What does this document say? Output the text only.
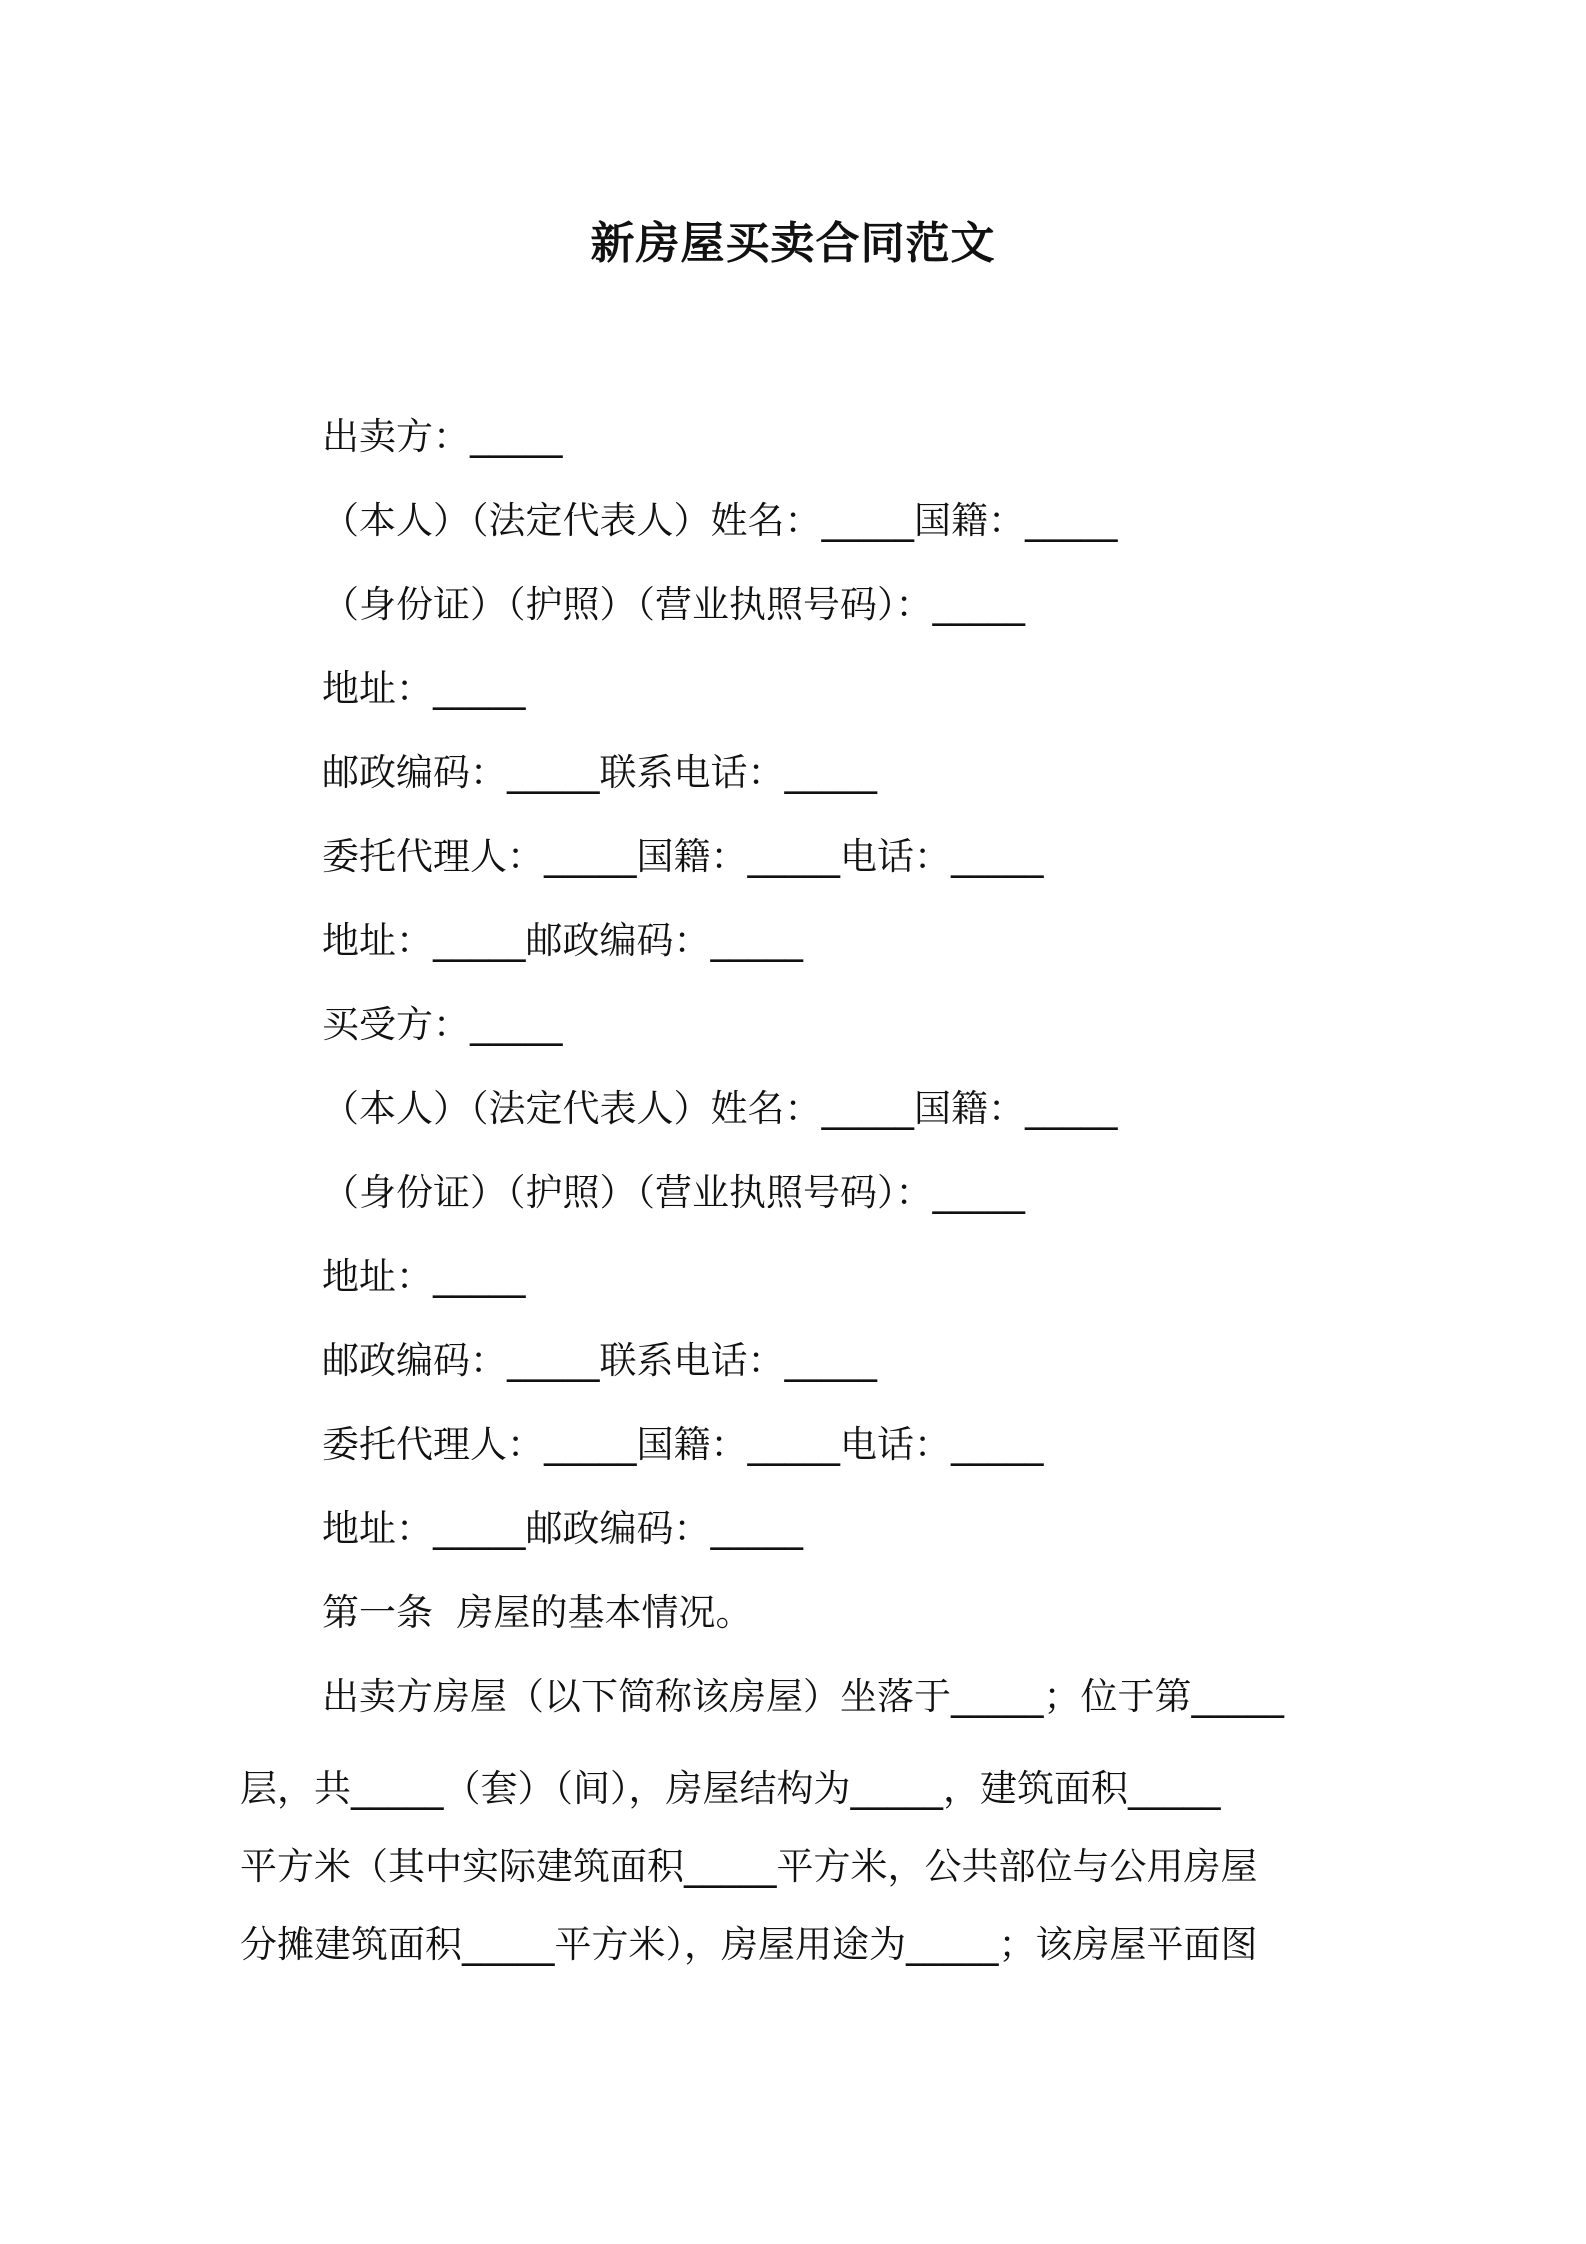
新房屋买卖合同范文
出卖方：_____
（本人）（法定代表人）姓名：_____国籍：_____
（身份证）（护照）（营业执照号码）：_____
地址：_____
邮政编码：_____联系电话：_____
委托代理人：_____国籍：_____电话：_____
地址：_____邮政编码：_____
买受方：_____
（本人）（法定代表人）姓名：_____国籍：_____
（身份证）（护照）（营业执照号码）：_____
地址：_____
邮政编码：_____联系电话：_____
委托代理人：_____国籍：_____电话：_____
地址：_____邮政编码：_____
第一条  房屋的基本情况。
出卖方房屋（以下简称该房屋）坐落于_____；位于第_____
层，共_____（套）（间），房屋结构为_____，建筑面积_____
平方米（其中实际建筑面积_____平方米，公共部位与公用房屋
分摊建筑面积_____平方米），房屋用途为_____；该房屋平面图
